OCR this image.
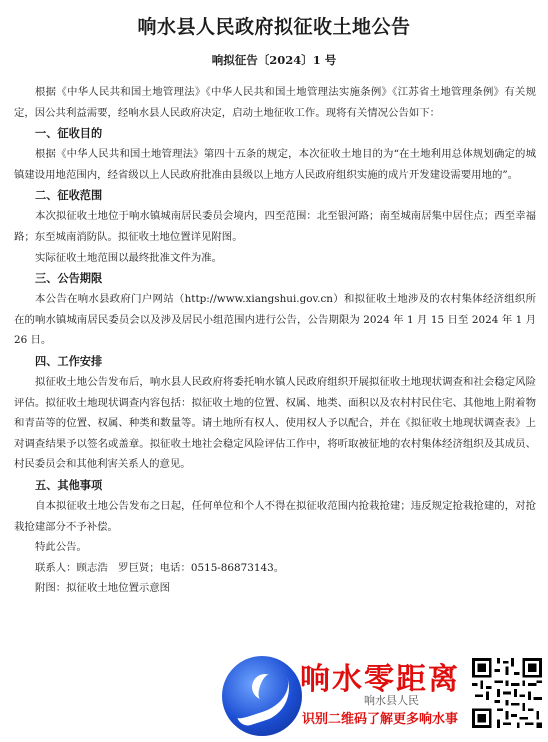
响水县人民政府拟征收土地公告
响拟征告〔2024〕1 号

根据《中华人民共和国土地管理法》《中华人民共和国土地管理法实施条例》《江苏省土地管理条例》有关规定，因公共利益需要，经响水县人民政府决定，启动土地征收工作。现将有关情况公告如下：

一、征收目的

根据《中华人民共和国土地管理法》第四十五条的规定，本次征收土地目的为“在土地利用总体规划确定的城镇建设用地范围内，经省级以上人民政府批准由县级以上地方人民政府组织实施的成片开发建设需要用地的”。

二、征收范围

本次拟征收土地位于响水镇城南居民委员会境内，四至范围：北至银河路；南至城南居集中居住点；西至幸福路；东至城南消防队。拟征收土地位置详见附图。

实际征收土地范围以最终批准文件为准。

三、公告期限

本公告在响水县政府门户网站（http://www.xiangshui.gov.cn）和拟征收土地涉及的农村集体经济组织所在的响水镇城南居民委员会以及涉及居民小组范围内进行公告，公告期限为 2024 年 1 月 15 日至 2024 年 1 月 26 日。

四、工作安排

拟征收土地公告发布后，响水县人民政府将委托响水镇人民政府组织开展拟征收土地现状调查和社会稳定风险评估。拟征收土地现状调查内容包括：拟征收土地的位置、权属、地类、面积以及农村村民住宅、其他地上附着物和青苗等的位置、权属、种类和数量等。请土地所有权人、使用权人予以配合，并在《拟征收土地现状调查表》上对调查结果予以签名或盖章。拟征收土地社会稳定风险评估工作中，将听取被征地的农村集体经济组织及其成员、村民委员会和其他利害关系人的意见。

五、其他事项

自本拟征收土地公告发布之日起，任何单位和个人不得在拟征收范围内抢栽抢建；违反规定抢栽抢建的，对抢栽抢建部分不予补偿。

特此公告。

联系人：顾志浩　罗巨贤；电话：0515-86873143。

附图：拟征收土地位置示意图

响水县人民
响水零距离
识别二维码了解更多响水事
